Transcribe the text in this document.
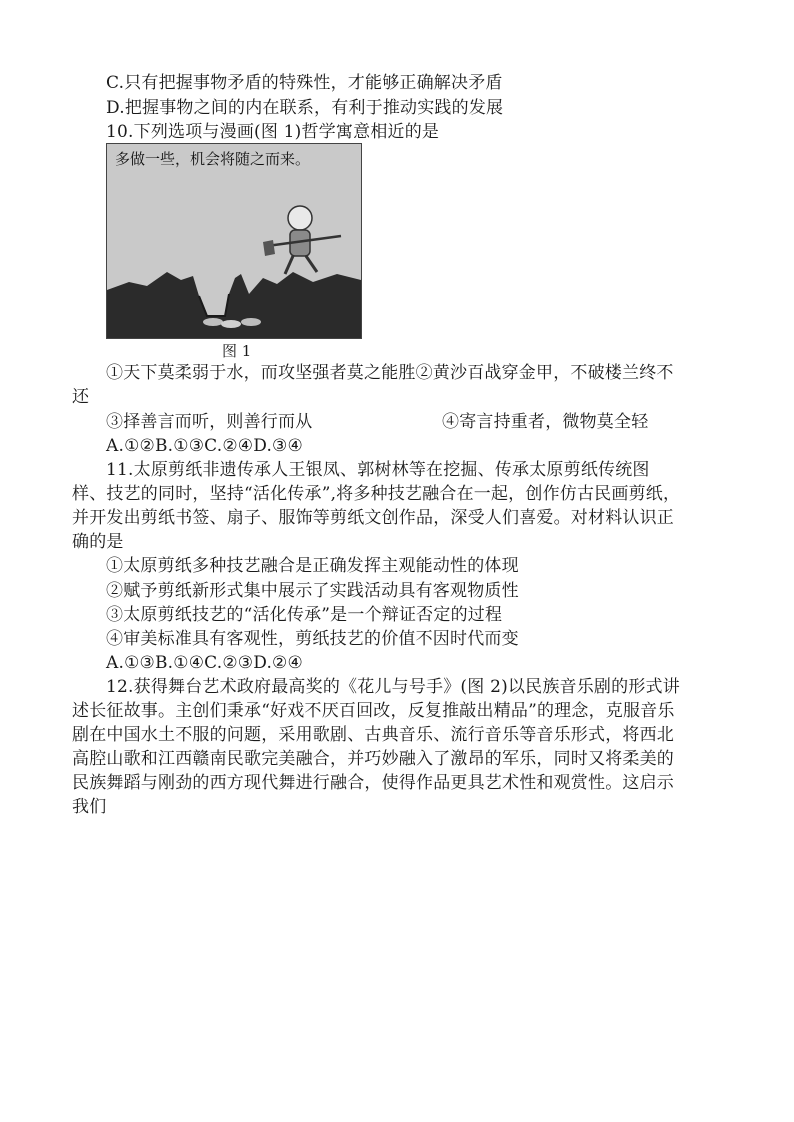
C.只有把握事物矛盾的特殊性，才能够正确解决矛盾
D.把握事物之间的内在联系，有利于推动实践的发展
10.下列选项与漫画(图 1)哲学寓意相近的是
多做一些，机会将随之而来。
图 1
①天下莫柔弱于水，而攻坚强者莫之能胜②黄沙百战穿金甲，不破楼兰终不
还
③择善言而听，则善行而从	④寄言持重者，微物莫全轻
A.①②B.①③C.②④D.③④
11.太原剪纸非遗传承人王银凤、郭树林等在挖掘、传承太原剪纸传统图
样、技艺的同时，坚持“活化传承”,将多种技艺融合在一起，创作仿古民画剪纸，
并开发出剪纸书签、扇子、服饰等剪纸文创作品，深受人们喜爱。对材料认识正
确的是
①太原剪纸多种技艺融合是正确发挥主观能动性的体现
②赋予剪纸新形式集中展示了实践活动具有客观物质性
③太原剪纸技艺的“活化传承”是一个辩证否定的过程
④审美标准具有客观性，剪纸技艺的价值不因时代而变
A.①③B.①④C.②③D.②④
12.获得舞台艺术政府最高奖的《花儿与号手》(图 2)以民族音乐剧的形式讲
述长征故事。主创们秉承“好戏不厌百回改，反复推敲出精品”的理念，克服音乐
剧在中国水土不服的问题，采用歌剧、古典音乐、流行音乐等音乐形式，将西北
高腔山歌和江西赣南民歌完美融合，并巧妙融入了激昂的军乐，同时又将柔美的
民族舞蹈与刚劲的西方现代舞进行融合，使得作品更具艺术性和观赏性。这启示
我们
